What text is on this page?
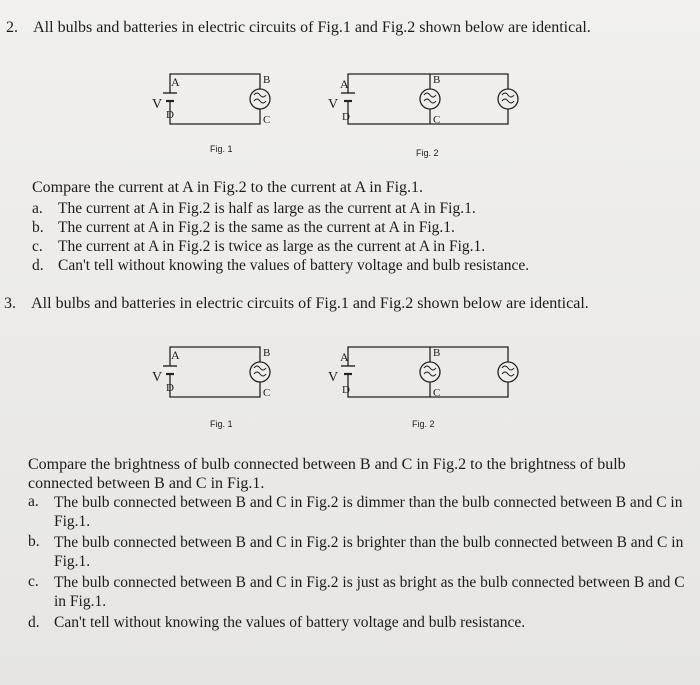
2. All bulbs and batteries in electric circuits of Fig.1 and Fig.2 shown below are identical.
V
A
D
B
C
Fig. 1
V
A
D
B
C
Fig. 2
Compare the current at A in Fig.2 to the current at A in Fig.1.
a. The current at A in Fig.2 is half as large as the current at A in Fig.1.
b. The current at A in Fig.2 is the same as the current at A in Fig.1.
c. The current at A in Fig.2 is twice as large as the current at A in Fig.1.
d. Can't tell without knowing the values of battery voltage and bulb resistance.
3. All bulbs and batteries in electric circuits of Fig.1 and Fig.2 shown below are identical.
V
A
D
B
C
Fig. 1
V
A
D
B
C
Fig. 2
Compare the brightness of bulb connected between B and C in Fig.2 to the brightness of bulb connected between B and C in Fig.1.
a. The bulb connected between B and C in Fig.2 is dimmer than the bulb connected between B and C in Fig.1.
b. The bulb connected between B and C in Fig.2 is brighter than the bulb connected between B and C in Fig.1.
c. The bulb connected between B and C in Fig.2 is just as bright as the bulb connected between B and C in Fig.1.
d. Can't tell without knowing the values of battery voltage and bulb resistance.
